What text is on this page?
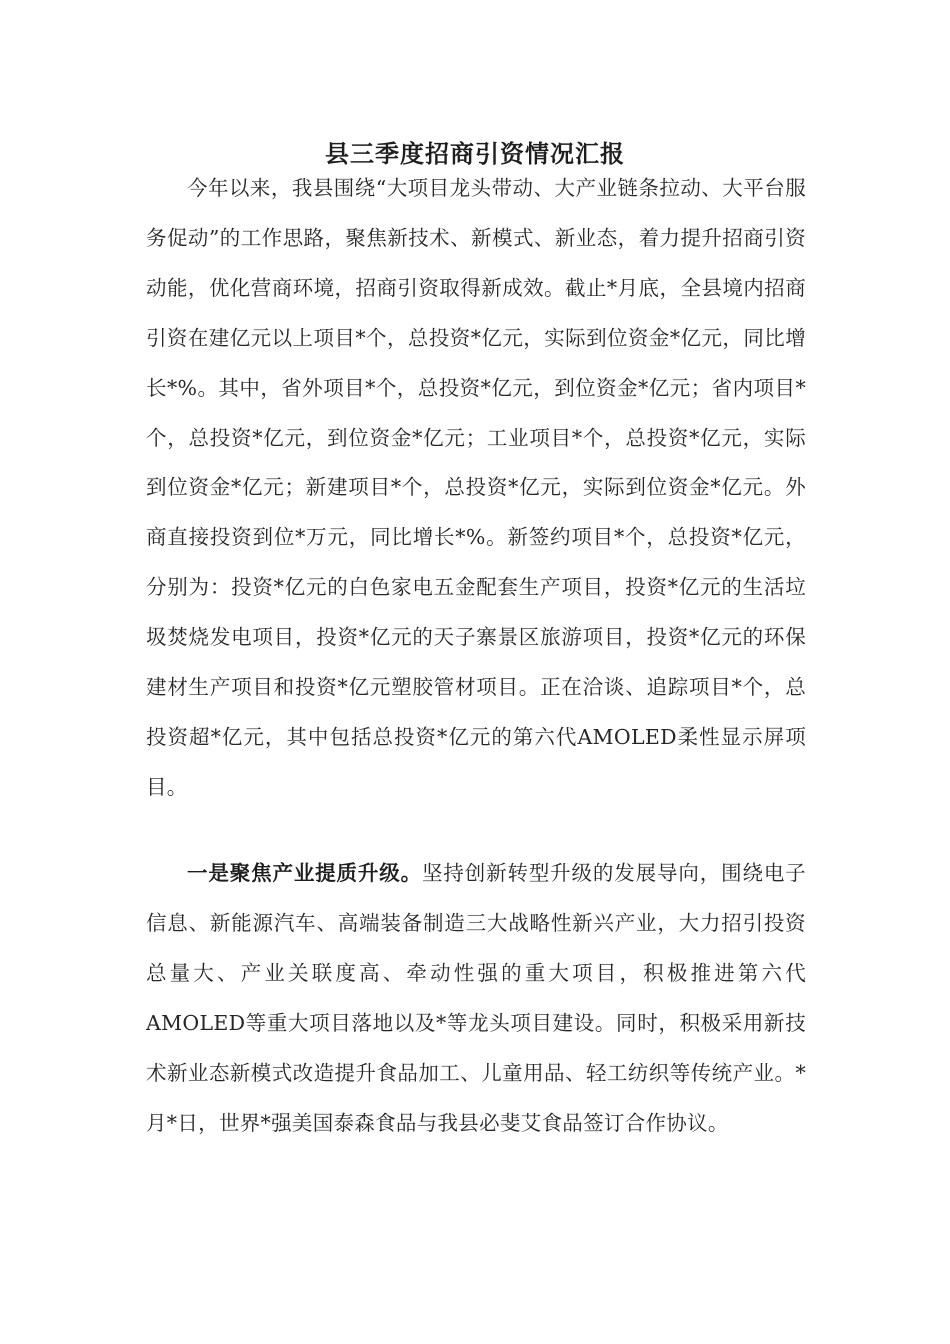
县三季度招商引资情况汇报
今年以来，我县围绕“大项目龙头带动、大产业链条拉动、大平台服务促动”的工作思路，聚焦新技术、新模式、新业态，着力提升招商引资动能，优化营商环境，招商引资取得新成效。截止*月底，全县境内招商引资在建亿元以上项目*个，总投资*亿元，实际到位资金*亿元，同比增长*%。其中，省外项目*个，总投资*亿元，到位资金*亿元；省内项目*个，总投资*亿元，到位资金*亿元；工业项目*个，总投资*亿元，实际到位资金*亿元；新建项目*个，总投资*亿元，实际到位资金*亿元。外商直接投资到位*万元，同比增长*%。新签约项目*个，总投资*亿元，分别为：投资*亿元的白色家电五金配套生产项目，投资*亿元的生活垃圾焚烧发电项目，投资*亿元的天子寨景区旅游项目，投资*亿元的环保建材生产项目和投资*亿元塑胶管材项目。正在洽谈、追踪项目*个，总投资超*亿元，其中包括总投资*亿元的第六代AMOLED柔性显示屏项目。
一是聚焦产业提质升级。坚持创新转型升级的发展导向，围绕电子信息、新能源汽车、高端装备制造三大战略性新兴产业，大力招引投资总量大、产业关联度高、牵动性强的重大项目，积极推进第六代AMOLED等重大项目落地以及*等龙头项目建设。同时，积极采用新技术新业态新模式改造提升食品加工、儿童用品、轻工纺织等传统产业。*月*日，世界*强美国泰森食品与我县必斐艾食品签订合作协议。
